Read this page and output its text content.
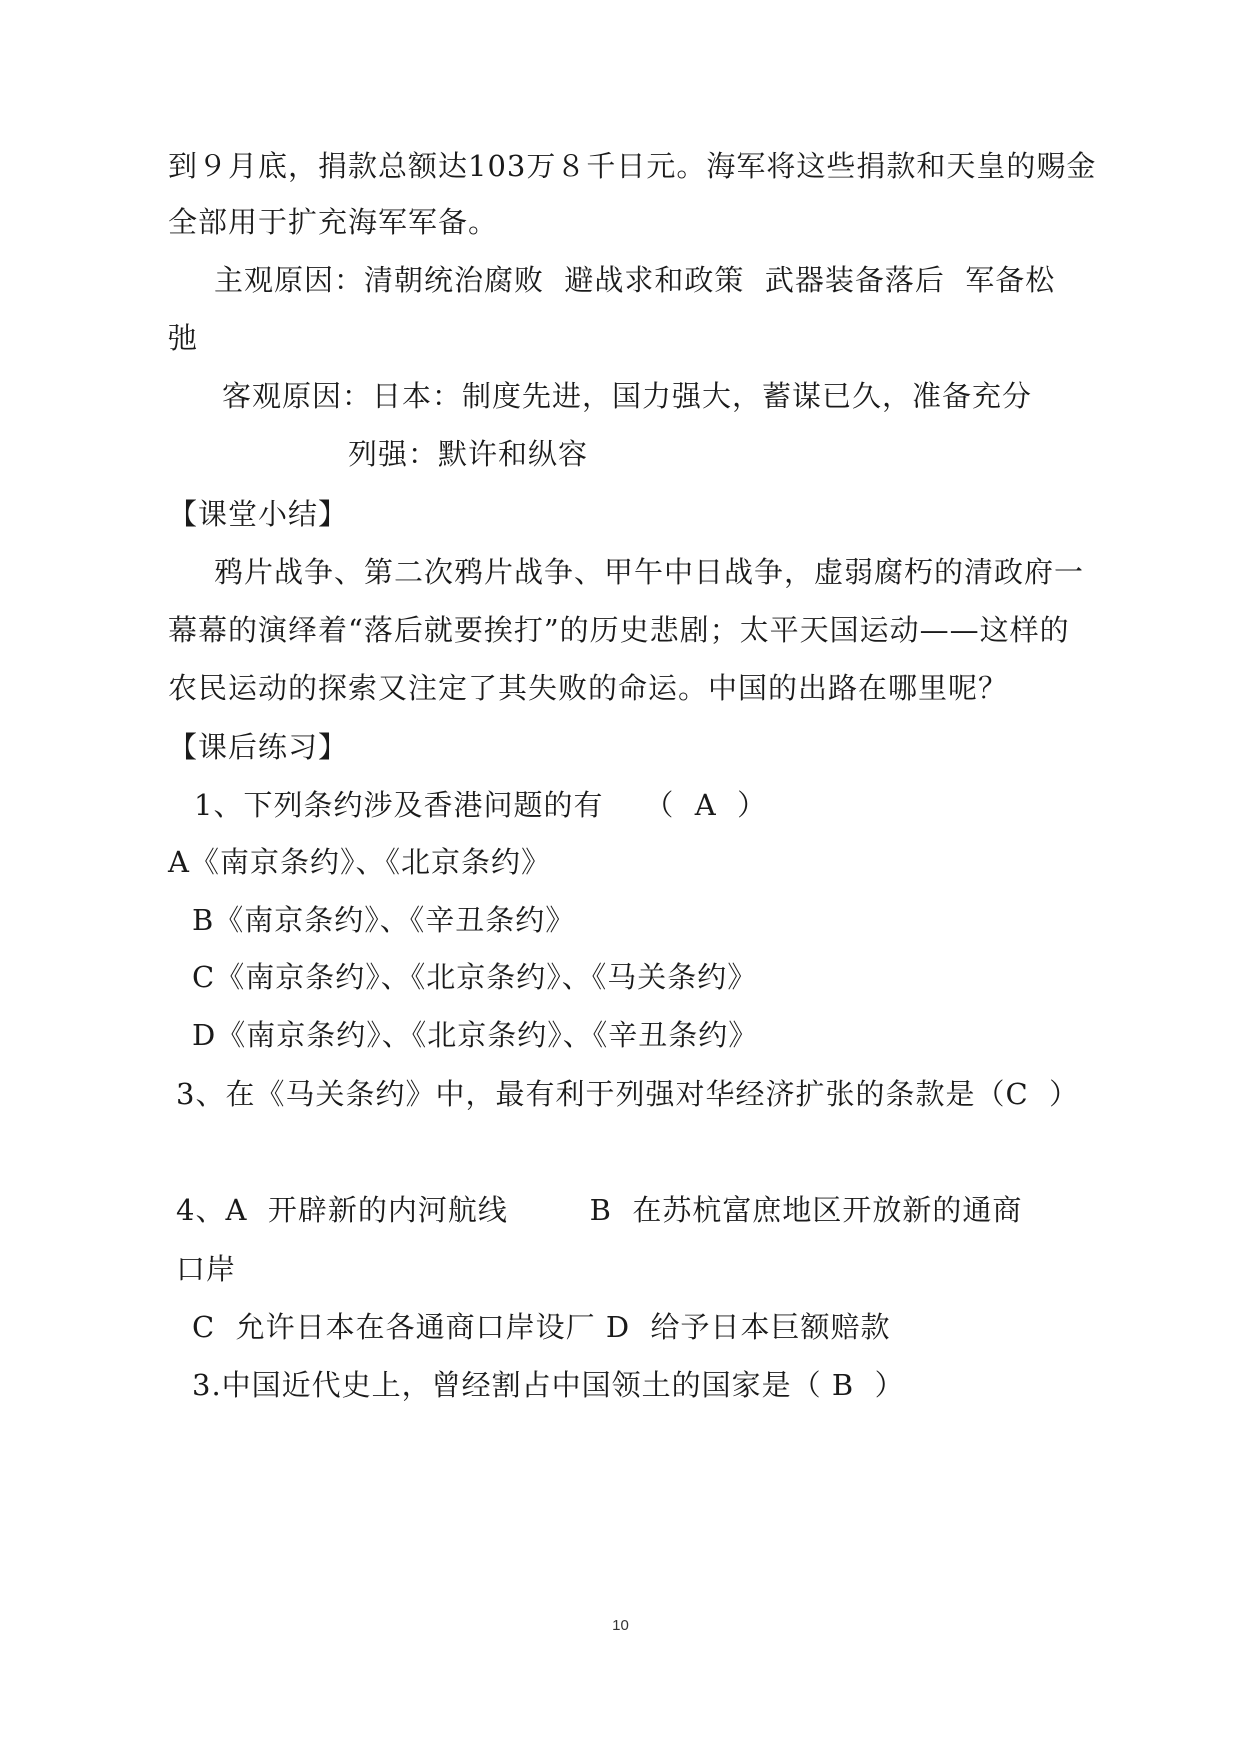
到９月底，捐款总额达103万８千日元。海军将这些捐款和天皇的赐金
全部用于扩充海军军备。
主观原因：清朝统治腐败  避战求和政策  武器装备落后  军备松
弛
客观原因：日本：制度先进，国力强大，蓄谋已久，准备充分
列强：默许和纵容
【课堂小结】
鸦片战争、第二次鸦片战争、甲午中日战争，虚弱腐朽的清政府一
幕幕的演绎着“落后就要挨打”的历史悲剧；太平天国运动——这样的
农民运动的探索又注定了其失败的命运。中国的出路在哪里呢？
【课后练习】
1、下列条约涉及香港问题的有    （  A  ）
A《南京条约》、《北京条约》
B《南京条约》、《辛丑条约》
C《南京条约》、《北京条约》、《马关条约》
D《南京条约》、《北京条约》、《辛丑条约》
3、在《马关条约》中，最有利于列强对华经济扩张的条款是（C  ）
4、A  开辟新的内河航线        B  在苏杭富庶地区开放新的通商
口岸
C  允许日本在各通商口岸设厂 D  给予日本巨额赔款
3.中国近代史上，曾经割占中国领土的国家是（ B  ）
10
